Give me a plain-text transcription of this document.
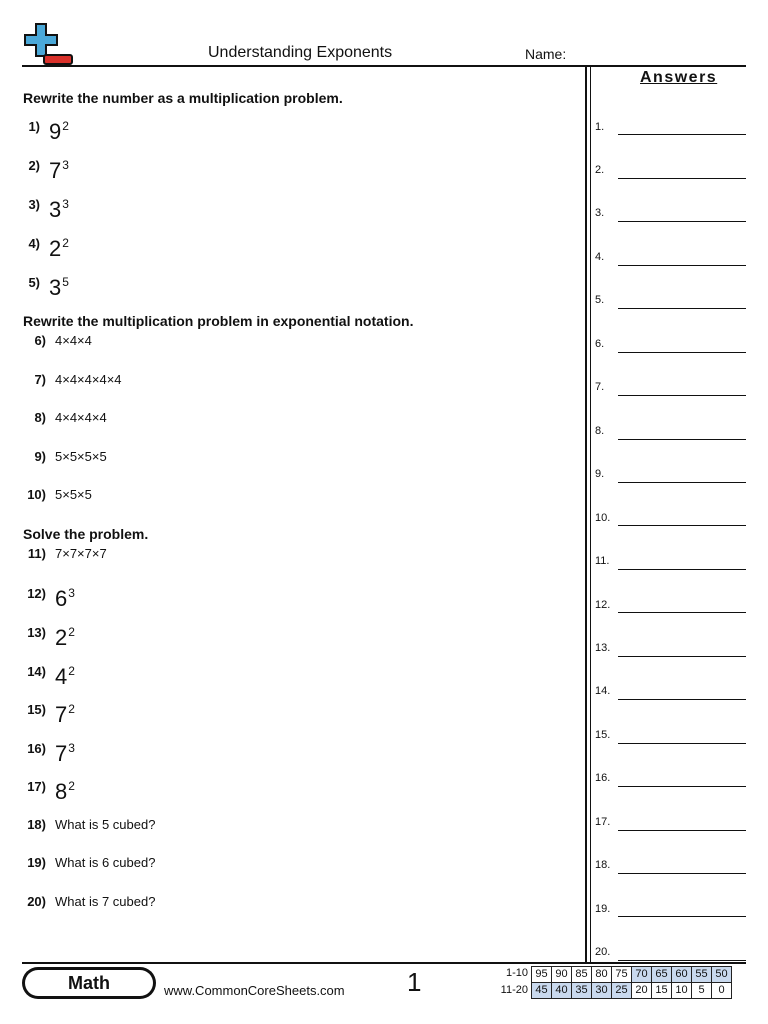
Understanding Exponents	Name:
Answers
Rewrite the number as a multiplication problem.
Rewrite the multiplication problem in exponential notation.
Solve the problem.
1) $9^2$
2) $7^3$
3) $3^3$
4) $2^2$
5) $3^5$
6) 4×4×4
7) 4×4×4×4×4
8) 4×4×4×4
9) 5×5×5×5
10) 5×5×5
11) 7×7×7×7
12) $6^3$
13) $2^2$
14) $4^2$
15) $7^2$
16) $7^3$
17) $8^2$
18) What is 5 cubed?
19) What is 6 cubed?
20) What is 7 cubed?
1.
2.
3.
4.
5.
6.
7.
8.
9.
10.
11.
12.
13.
14.
15.
16.
17.
18.
19.
20.
Math	www.CommonCoreSheets.com 1	1-10
11-20
95	90	85	80	75	70	65	60	55	50
45	40	35	30	25	20	15	10	5	0
